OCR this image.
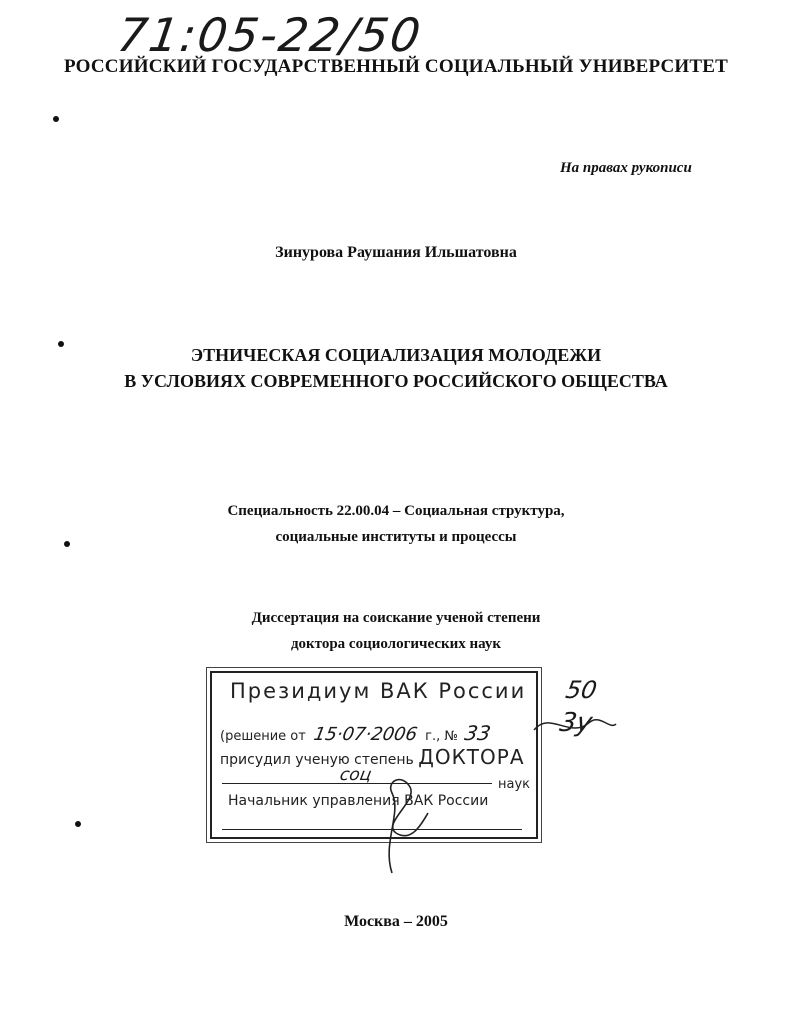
71:05-22/50
РОССИЙСКИЙ ГОСУДАРСТВЕННЫЙ СОЦИАЛЬНЫЙ УНИВЕРСИТЕТ
На правах рукописи
Зинурова Раушания Ильшатовна
ЭТНИЧЕСКАЯ СОЦИАЛИЗАЦИЯ МОЛОДЕЖИ
В УСЛОВИЯХ СОВРЕМЕННОГО РОССИЙСКОГО ОБЩЕСТВА
Специальность 22.00.04 – Социальная структура,
социальные институты и процессы
Диссертация на соискание ученой степени
доктора социологических наук
Президиум ВАК России
(решение от 15·07·2006 г., № 33
присудил ученую степень ДОКТОРА
соц	наук
Начальник управления ВАК России
50
3у
Москва – 2005
